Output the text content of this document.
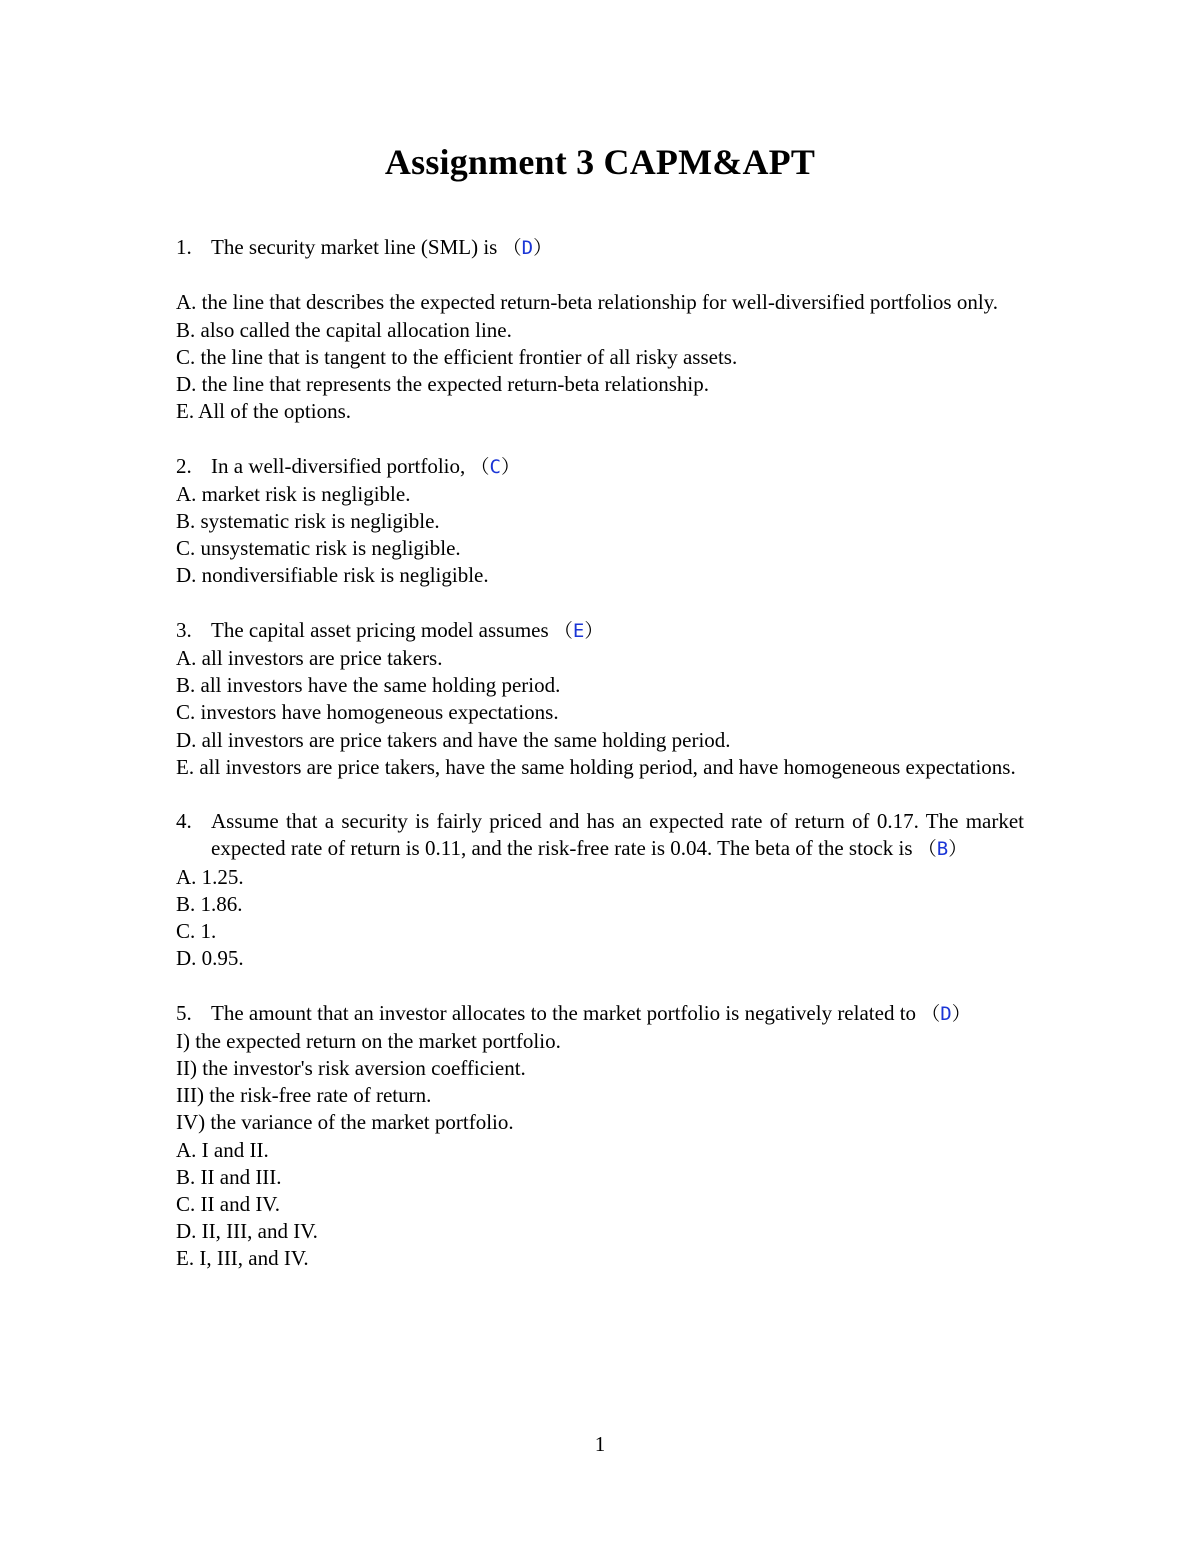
Assignment 3 CAPM&APT
1. The security market line (SML) is （D）
A. the line that describes the expected return-beta relationship for well-diversified portfolios only.
B. also called the capital allocation line.
C. the line that is tangent to the efficient frontier of all risky assets.
D. the line that represents the expected return-beta relationship.
E. All of the options.
2. In a well-diversified portfolio, （C）
A. market risk is negligible.
B. systematic risk is negligible.
C. unsystematic risk is negligible.
D. nondiversifiable risk is negligible.
3. The capital asset pricing model assumes （E）
A. all investors are price takers.
B. all investors have the same holding period.
C. investors have homogeneous expectations.
D. all investors are price takers and have the same holding period.
E. all investors are price takers, have the same holding period, and have homogeneous expectations.
4. Assume that a security is fairly priced and has an expected rate of return of 0.17. The market expected rate of return is 0.11, and the risk-free rate is 0.04. The beta of the stock is （B）
A. 1.25.
B. 1.86.
C. 1.
D. 0.95.
5. The amount that an investor allocates to the market portfolio is negatively related to （D）
I) the expected return on the market portfolio.
II) the investor's risk aversion coefficient.
III) the risk-free rate of return.
IV) the variance of the market portfolio.
A. I and II.
B. II and III.
C. II and IV.
D. II, III, and IV.
E. I, III, and IV.
1
